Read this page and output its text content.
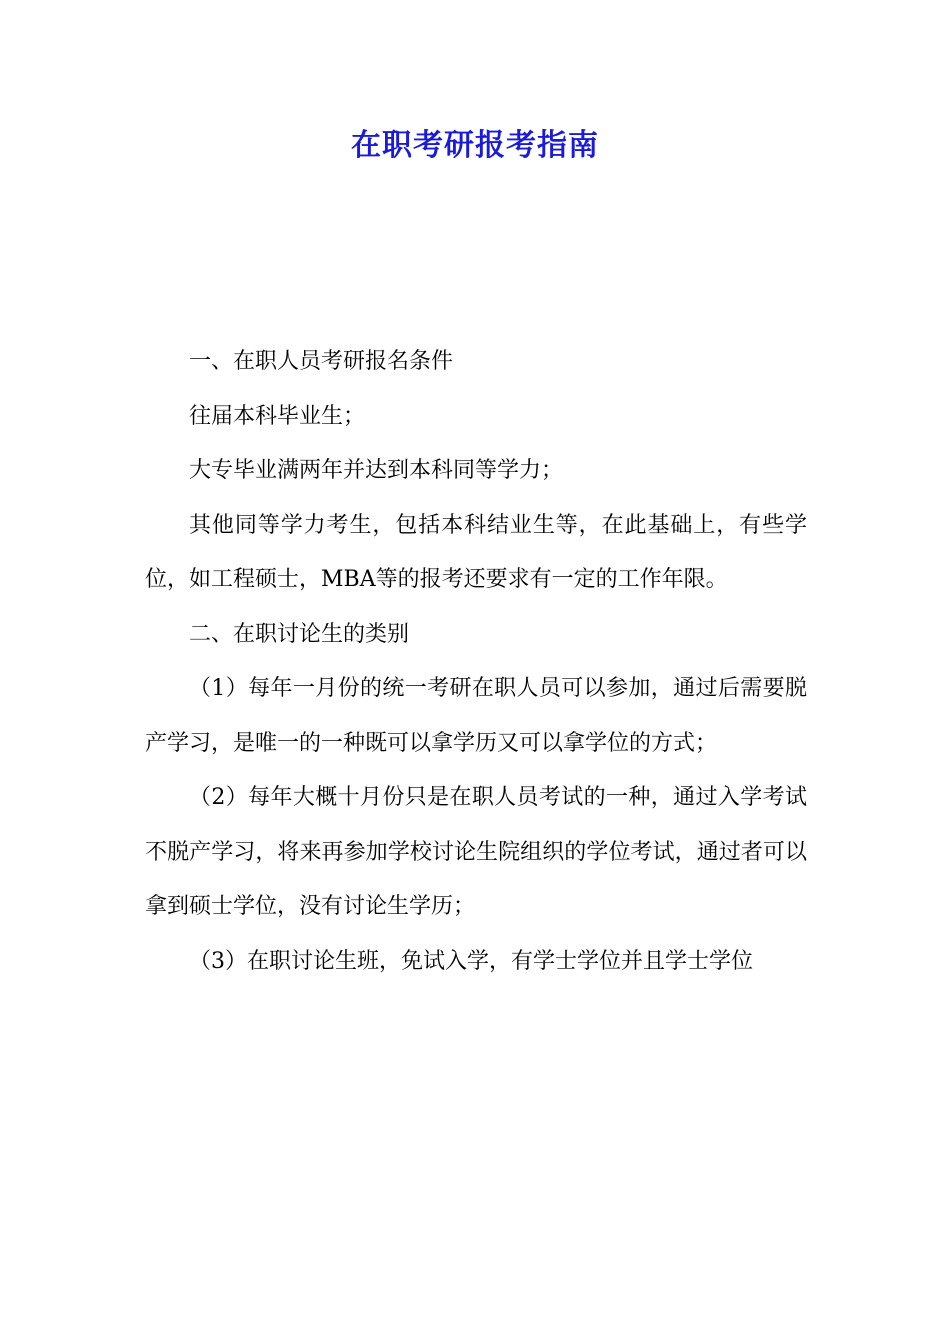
在职考研报考指南

一、在职人员考研报名条件

往届本科毕业生；

大专毕业满两年并达到本科同等学力；

其他同等学力考生，包括本科结业生等，在此基础上，有些学位，如工程硕士，MBA等的报考还要求有一定的工作年限。

二、在职讨论生的类别

（1）每年一月份的统一考研在职人员可以参加，通过后需要脱产学习，是唯一的一种既可以拿学历又可以拿学位的方式；

（2）每年大概十月份只是在职人员考试的一种，通过入学考试不脱产学习，将来再参加学校讨论生院组织的学位考试，通过者可以拿到硕士学位，没有讨论生学历；

（3）在职讨论生班，免试入学，有学士学位并且学士学位
